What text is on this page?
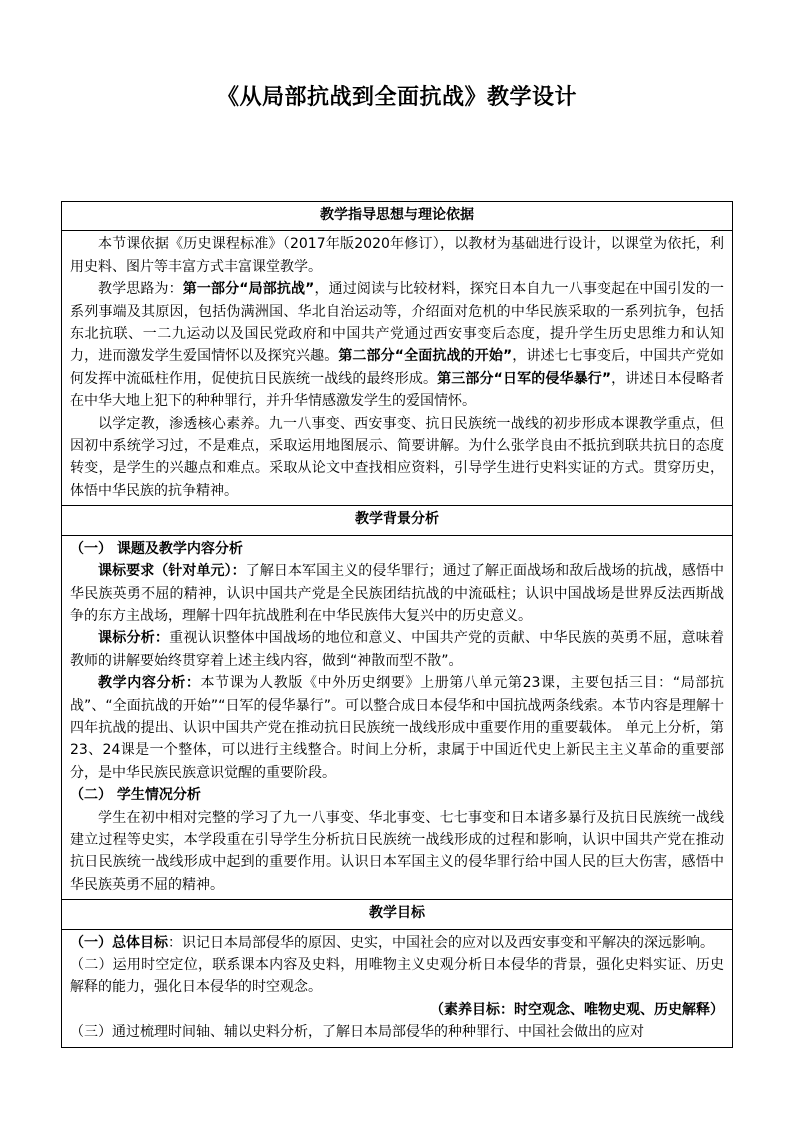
《从局部抗战到全面抗战》教学设计
教学指导思想与理论依据

本节课依据《历史课程标准》（2017年版2020年修订），以教材为基础进行设计，以课堂为依托，利用史料、图片等丰富方式丰富课堂教学。

教学思路为：第一部分“局部抗战”，通过阅读与比较材料，探究日本自九一八事变起在中国引发的一系列事端及其原因，包括伪满洲国、华北自治运动等，介绍面对危机的中华民族采取的一系列抗争，包括东北抗联、一二九运动以及国民党政府和中国共产党通过西安事变后态度，提升学生历史思维力和认知力，进而激发学生爱国情怀以及探究兴趣。第二部分“全面抗战的开始”，讲述七七事变后，中国共产党如何发挥中流砥柱作用，促使抗日民族统一战线的最终形成。第三部分“日军的侵华暴行”，讲述日本侵略者在中华大地上犯下的种种罪行，并升华情感激发学生的爱国情怀。

以学定教，渗透核心素养。九一八事变、西安事变、抗日民族统一战线的初步形成本课教学重点，但因初中系统学习过，不是难点，采取运用地图展示、简要讲解。为什么张学良由不抵抗到联共抗日的态度转变，是学生的兴趣点和难点。采取从论文中查找相应资料，引导学生进行史料实证的方式。贯穿历史，体悟中华民族的抗争精神。

教学背景分析

（一） 课题及教学内容分析

课标要求（针对单元）：了解日本军国主义的侵华罪行；通过了解正面战场和敌后战场的抗战，感悟中华民族英勇不屈的精神，认识中国共产党是全民族团结抗战的中流砥柱；认识中国战场是世界反法西斯战争的东方主战场，理解十四年抗战胜利在中华民族伟大复兴中的历史意义。

课标分析：重视认识整体中国战场的地位和意义、中国共产党的贡献、中华民族的英勇不屈，意味着教师的讲解要始终贯穿着上述主线内容，做到“神散而型不散”。

教学内容分析：本节课为人教版《中外历史纲要》上册第八单元第23课，主要包括三目：“局部抗战”、“全面抗战的开始”“日军的侵华暴行”。可以整合成日本侵华和中国抗战两条线索。本节内容是理解十四年抗战的提出、认识中国共产党在推动抗日民族统一战线形成中重要作用的重要载体。 单元上分析，第23、24课是一个整体，可以进行主线整合。时间上分析，隶属于中国近代史上新民主主义革命的重要部分，是中华民族民族意识觉醒的重要阶段。

（二） 学生情况分析

学生在初中相对完整的学习了九一八事变、华北事变、七七事变和日本诸多暴行及抗日民族统一战线建立过程等史实，本学段重在引导学生分析抗日民族统一战线形成的过程和影响，认识中国共产党在推动抗日民族统一战线形成中起到的重要作用。认识日本军国主义的侵华罪行给中国人民的巨大伤害，感悟中华民族英勇不屈的精神。

教学目标

（一）总体目标：识记日本局部侵华的原因、史实，中国社会的应对以及西安事变和平解决的深远影响。

（二）运用时空定位，联系课本内容及史料，用唯物主义史观分析日本侵华的背景，强化史料实证、历史解释的能力，强化日本侵华的时空观念。

（素养目标：时空观念、唯物史观、历史解释）

（三）通过梳理时间轴、辅以史料分析，了解日本局部侵华的种种罪行、中国社会做出的应对
